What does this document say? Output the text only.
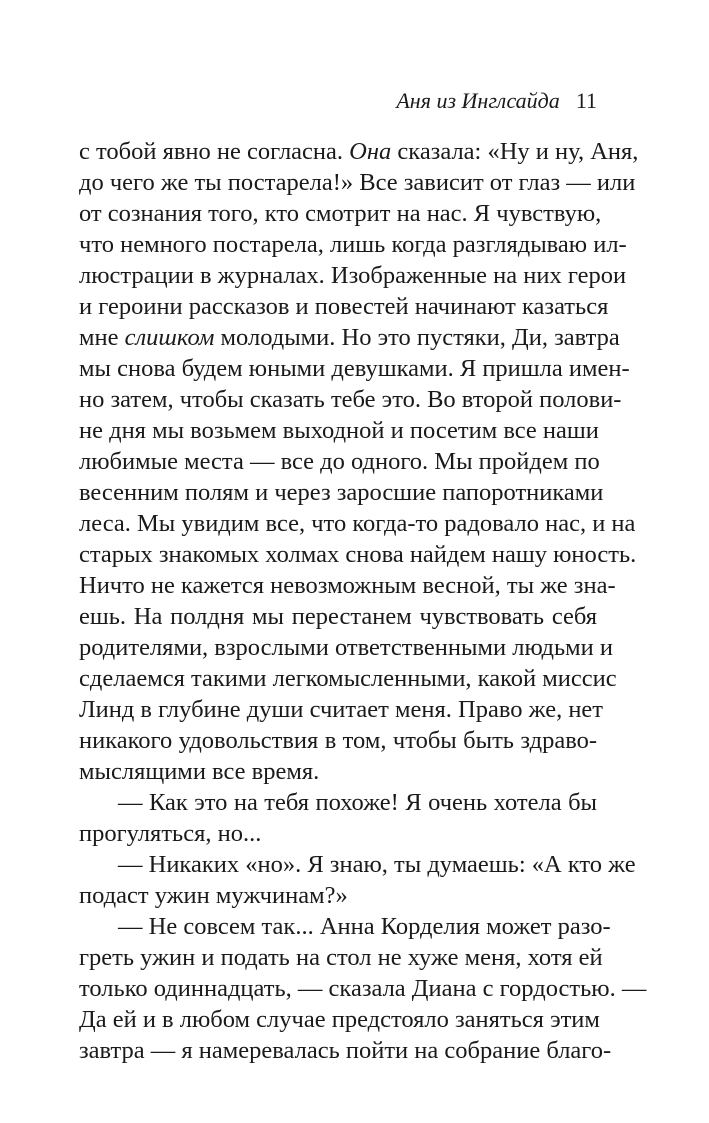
Аня из Инглсайда 11
с тобой явно не согласна. Она сказала: «Ну и ну, Аня,
до чего же ты постарела!» Все зависит от глаз — или
от сознания того, кто смотрит на нас. Я чувствую,
что немного постарела, лишь когда разглядываю ил-
люстрации в журналах. Изображенные на них герои
и героини рассказов и повестей начинают казаться
мне слишком молодыми. Но это пустяки, Ди, завтра
мы снова будем юными девушками. Я пришла имен-
но затем, чтобы сказать тебе это. Во второй полови-
не дня мы возьмем выходной и посетим все наши
любимые места — все до одного. Мы пройдем по
весенним полям и через заросшие папоротниками
леса. Мы увидим все, что когда-то радовало нас, и на
старых знакомых холмах снова найдем нашу юность.
Ничто не кажется невозможным весной, ты же зна-
ешь. На полдня мы перестанем чувствовать себя
родителями, взрослыми ответственными людьми и
сделаемся такими легкомысленными, какой миссис
Линд в глубине души считает меня. Право же, нет
никакого удовольствия в том, чтобы быть здраво-
мыслящими все время.
— Как это на тебя похоже! Я очень хотела бы
прогуляться, но...
— Никаких «но». Я знаю, ты думаешь: «А кто же
подаст ужин мужчинам?»
— Не совсем так... Анна Корделия может разо-
греть ужин и подать на стол не хуже меня, хотя ей
только одиннадцать, — сказала Диана с гордостью. —
Да ей и в любом случае предстояло заняться этим
завтра — я намеревалась пойти на собрание благо-
